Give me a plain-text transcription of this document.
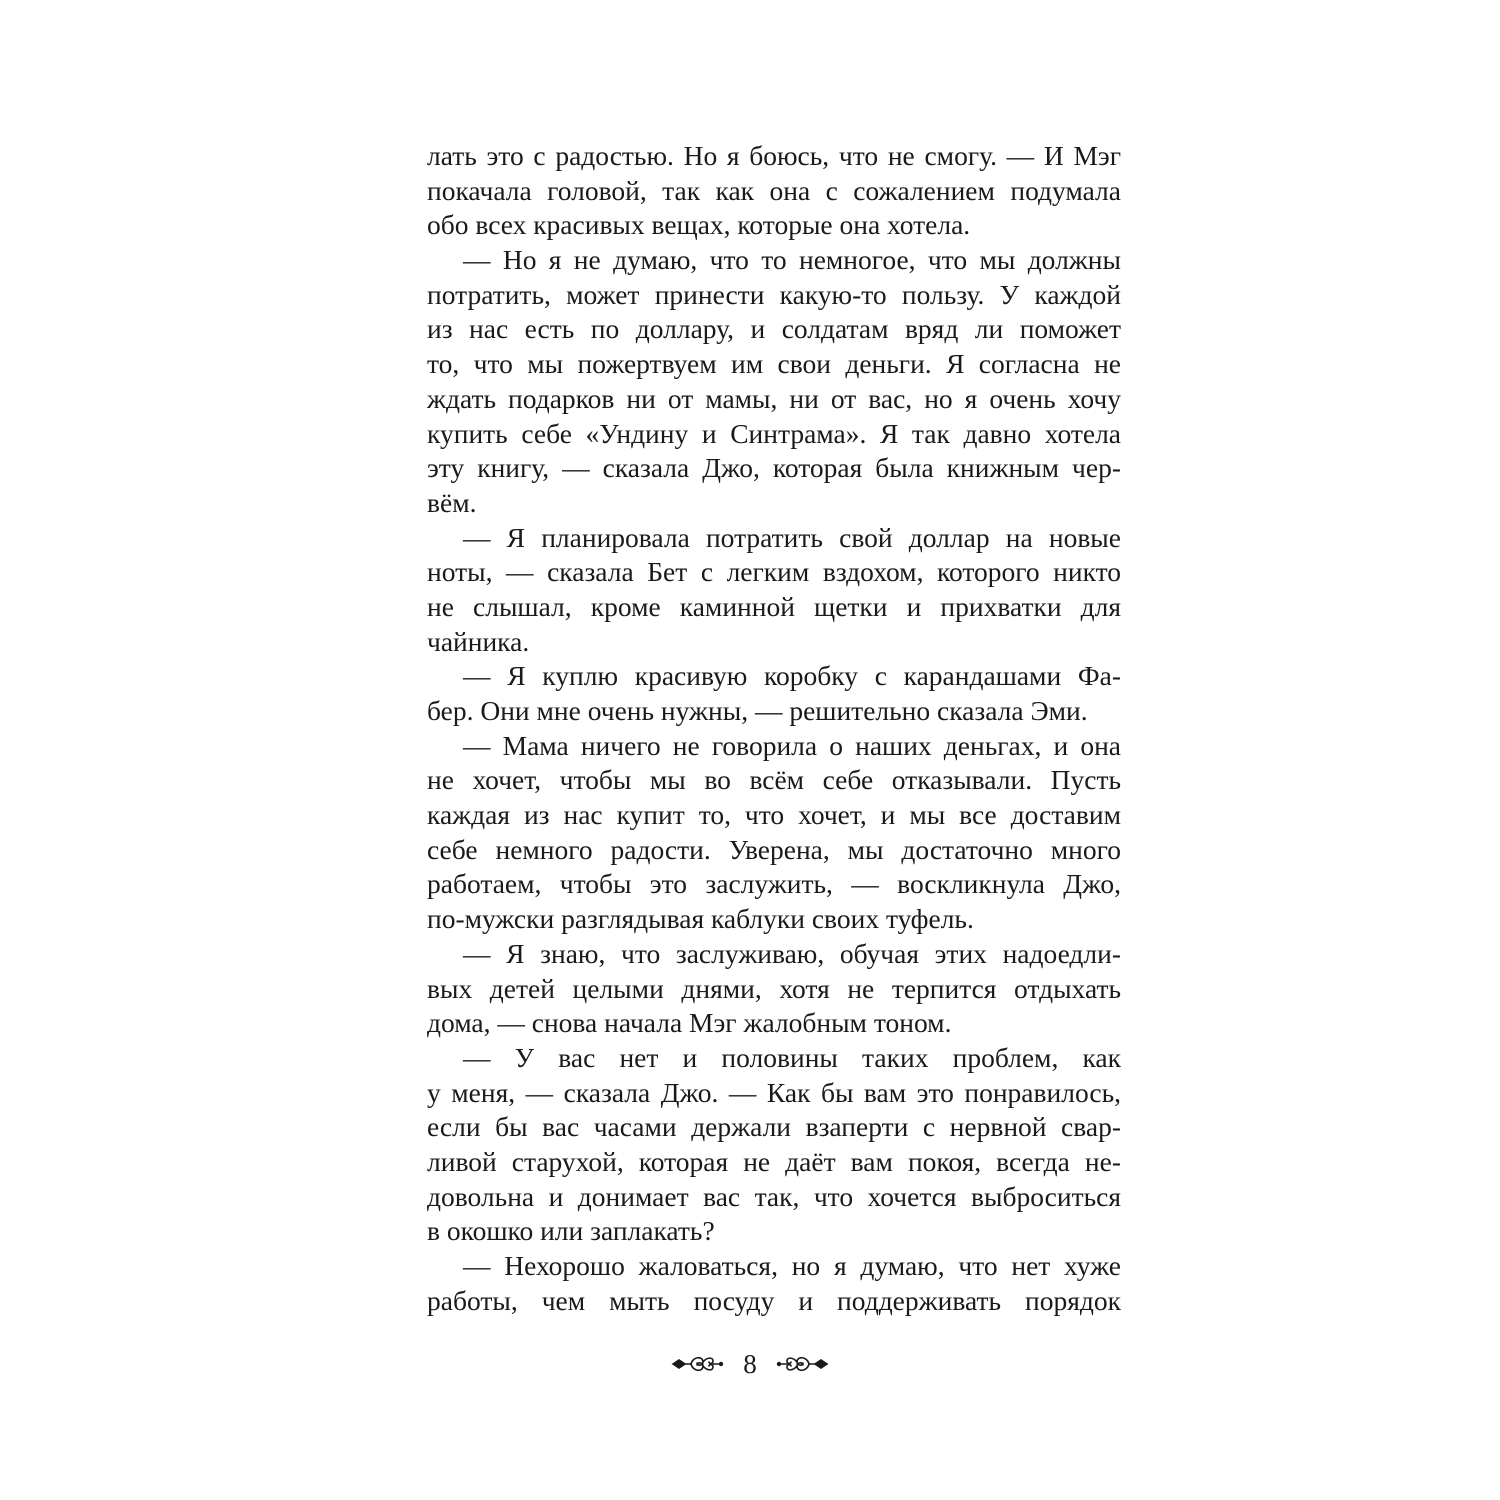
лать это с радостью. Но я боюсь, что не смогу. — И Мэг
покачала головой, так как она с сожалением подумала
обо всех красивых вещах, которые она хотела.
— Но я не думаю, что то немногое, что мы должны
потратить, может принести какую-то пользу. У каждой
из нас есть по доллару, и солдатам вряд ли поможет
то, что мы пожертвуем им свои деньги. Я согласна не
ждать подарков ни от мамы, ни от вас, но я очень хочу
купить себе «Ундину и Синтрама». Я так давно хотела
эту книгу, — сказала Джо, которая была книжным чер-
вём.
— Я планировала потратить свой доллар на новые
ноты, — сказала Бет с легким вздохом, которого никто
не слышал, кроме каминной щетки и прихватки для
чайника.
— Я куплю красивую коробку с карандашами Фа-
бер. Они мне очень нужны, — решительно сказала Эми.
— Мама ничего не говорила о наших деньгах, и она
не хочет, чтобы мы во всём себе отказывали. Пусть
каждая из нас купит то, что хочет, и мы все доставим
себе немного радости. Уверена, мы достаточно много
работаем, чтобы это заслужить, — воскликнула Джо,
по-мужски разглядывая каблуки своих туфель.
— Я знаю, что заслуживаю, обучая этих надоедли-
вых детей целыми днями, хотя не терпится отдыхать
дома, — снова начала Мэг жалобным тоном.
— У вас нет и половины таких проблем, как
у меня, — сказала Джо. — Как бы вам это понравилось,
если бы вас часами держали взаперти с нервной свар-
ливой старухой, которая не даёт вам покоя, всегда не-
довольна и донимает вас так, что хочется выброситься
в окошко или заплакать?
— Нехорошо жаловаться, но я думаю, что нет хуже
работы, чем мыть посуду и поддерживать порядок
8
